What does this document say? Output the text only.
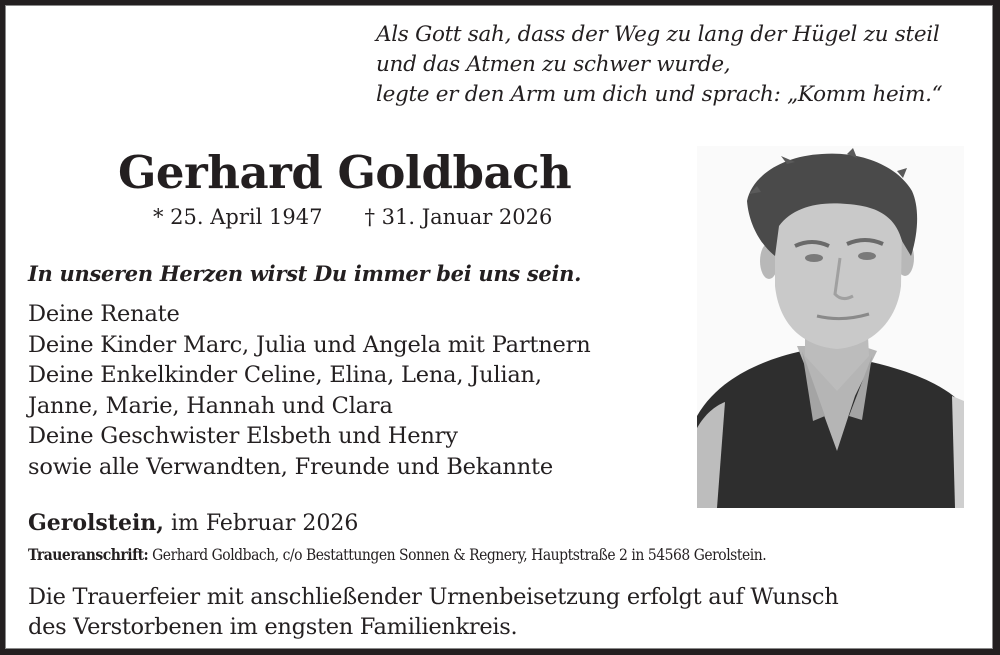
Als Gott sah, dass der Weg zu lang der Hügel zu steil
und das Atmen zu schwer wurde,
legte er den Arm um dich und sprach: „Komm heim.“
Gerhard Goldbach
* 25. April 1947 † 31. Januar 2026
In unseren Herzen wirst Du immer bei uns sein.
Deine Renate
Deine Kinder Marc, Julia und Angela mit Partnern
Deine Enkelkinder Celine, Elina, Lena, Julian,
Janne, Marie, Hannah und Clara
Deine Geschwister Elsbeth und Henry
sowie alle Verwandten, Freunde und Bekannte
Gerolstein, im Februar 2026
Traueranschrift: Gerhard Goldbach, c/o Bestattungen Sonnen & Regnery, Hauptstraße 2 in 54568 Gerolstein.
Die Trauerfeier mit anschließender Urnenbeisetzung erfolgt auf Wunsch
des Verstorbenen im engsten Familienkreis.
